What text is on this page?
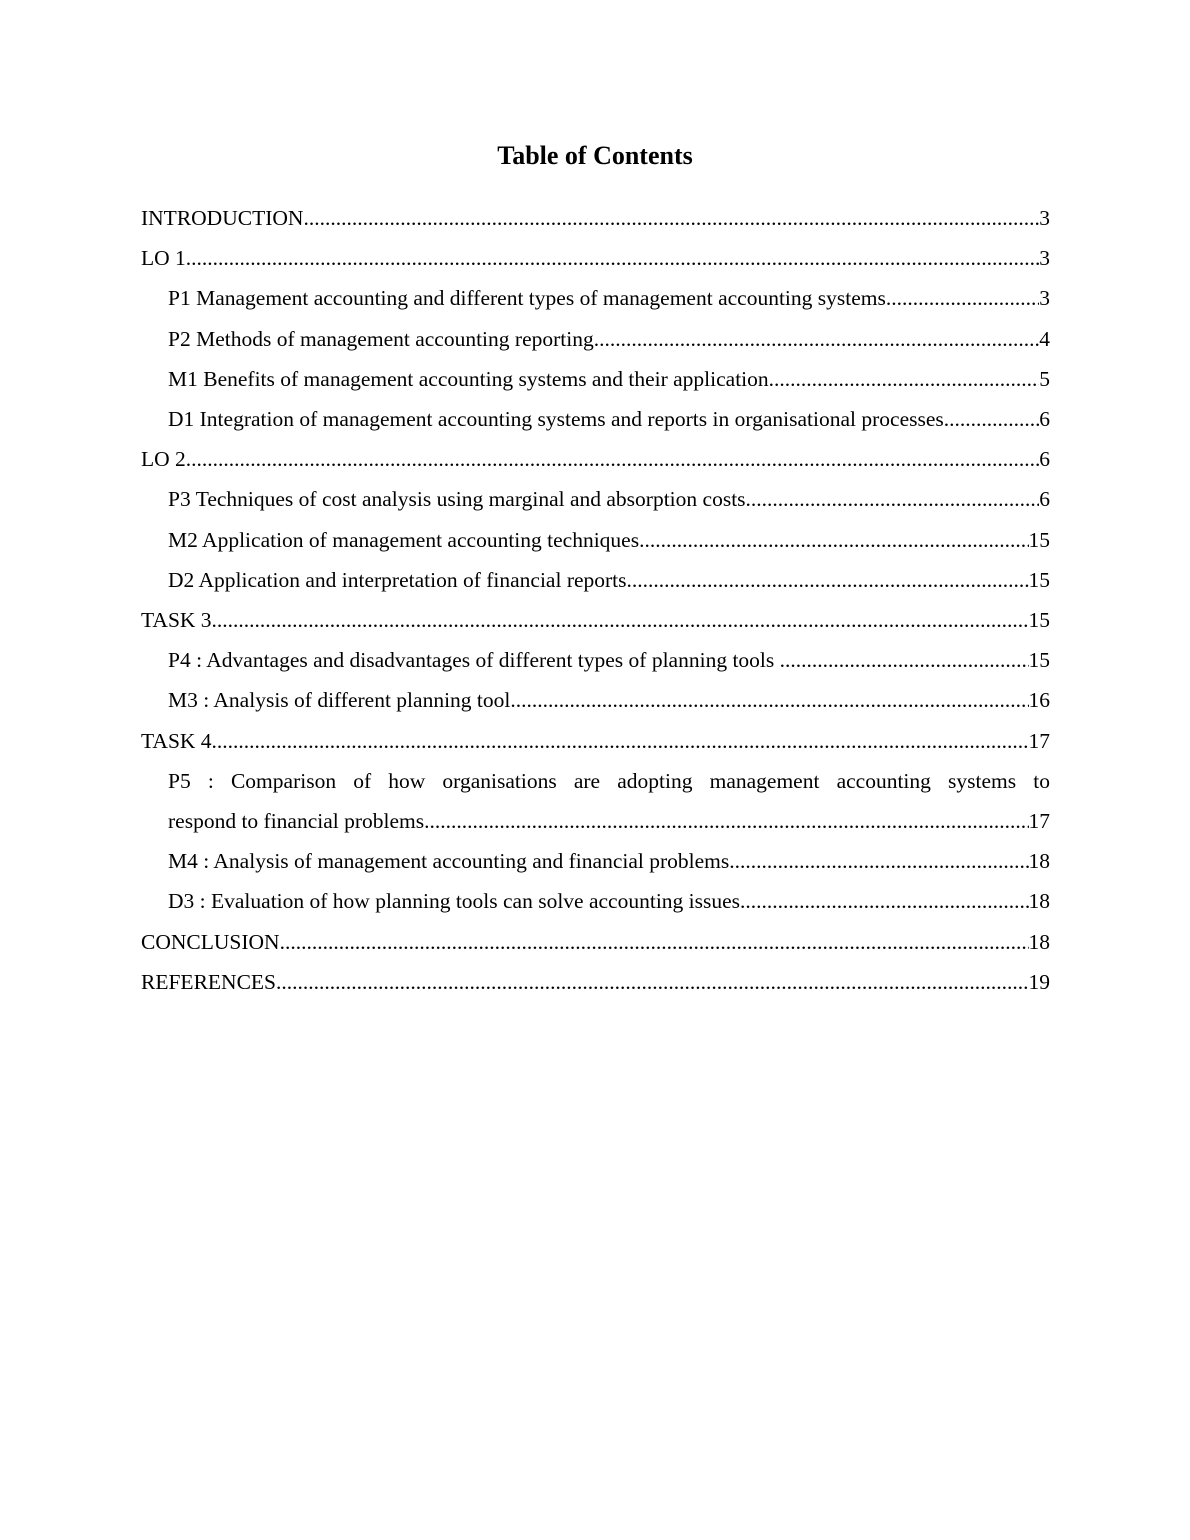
Table of Contents
INTRODUCTION .....	3
LO 1 .....	3
P1 Management accounting and different types of management accounting systems .....	3
P2 Methods of management accounting reporting .....	4
M1 Benefits of management accounting systems and their application .....	5
D1 Integration of management accounting systems and reports in organisational processes .....	6
LO 2 .....	6
P3 Techniques of cost analysis using marginal and absorption costs .....	6
M2 Application of management accounting techniques .....	15
D2 Application and interpretation of financial reports .....	15
TASK 3 .....	15
P4 : Advantages and disadvantages of different types of planning tools .....	15
M3 : Analysis of different planning tool .....	16
TASK 4 .....	17
P5 : Comparison of how organisations are adopting management accounting systems to
respond to financial problems .....	17
M4 : Analysis of management accounting and financial problems .....	18
D3 : Evaluation of how planning tools can solve accounting issues .....	18
CONCLUSION .....	18
REFERENCES .....	19
